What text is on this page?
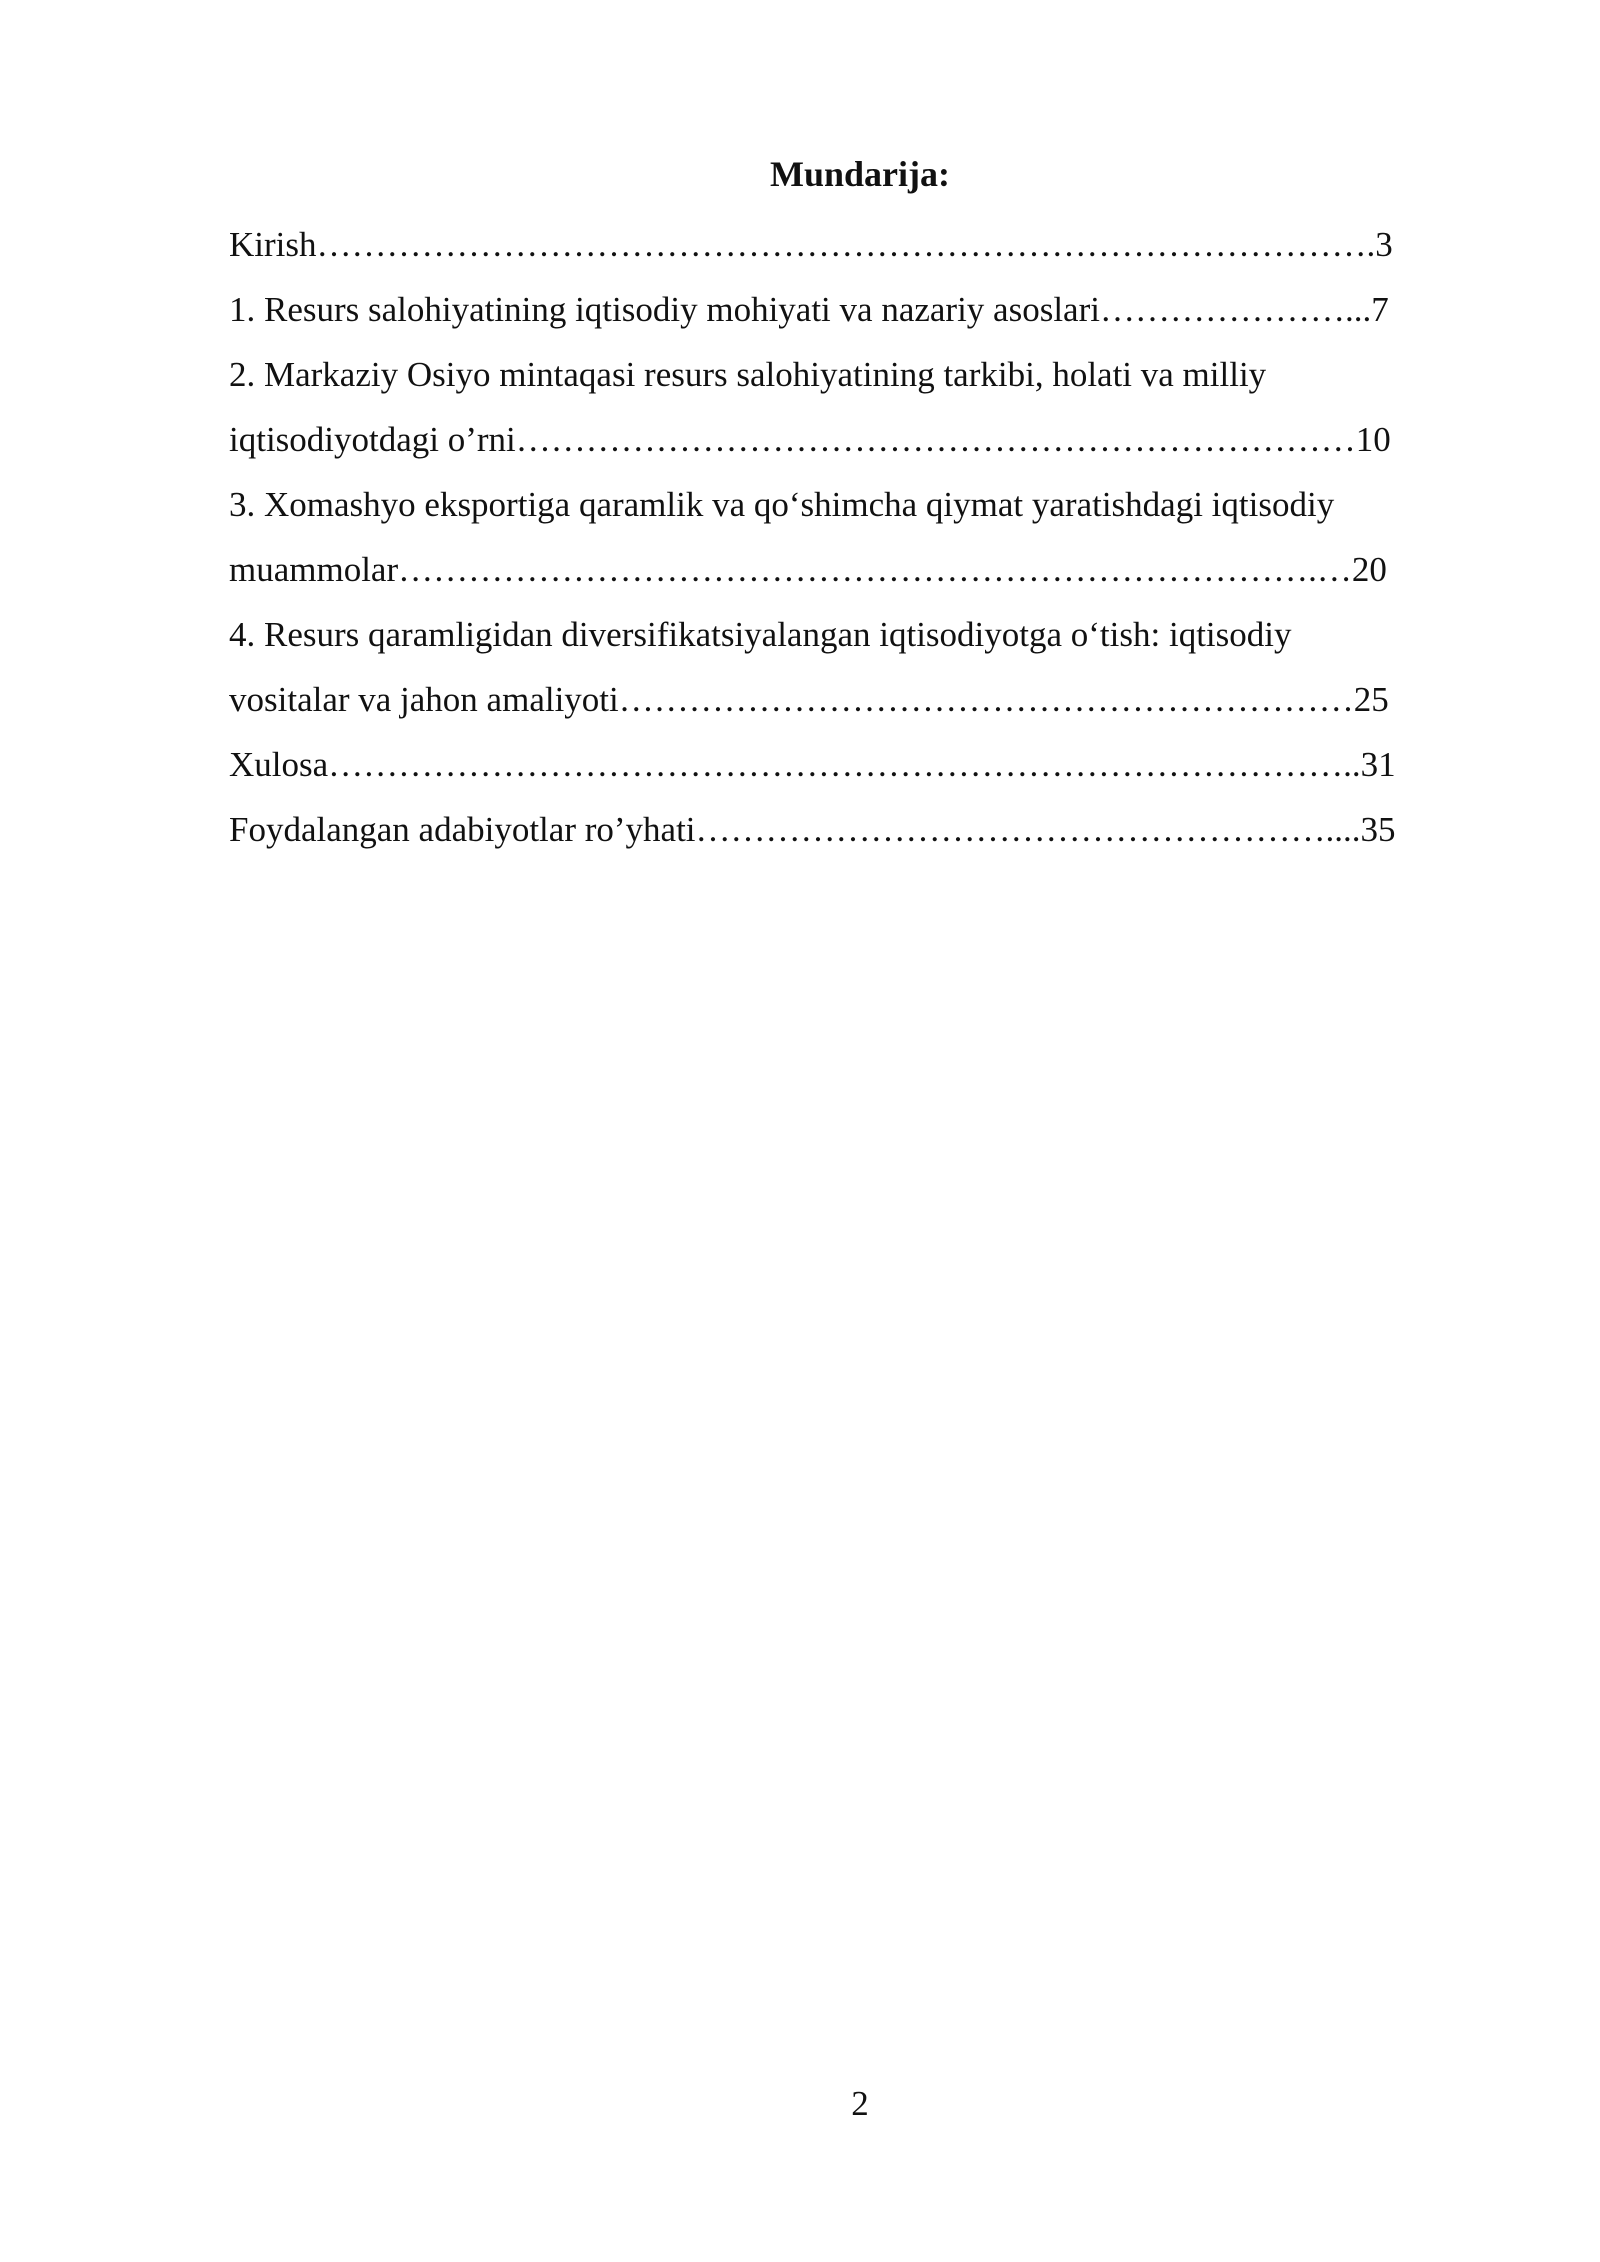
Mundarija:
Kirish……………………………………………………………………………….3
1. Resurs salohiyatining iqtisodiy mohiyati va nazariy asoslari…………………...7
2. Markaziy Osiyo mintaqasi resurs salohiyatining tarkibi, holati va milliy
iqtisodiyotdagi o’rni………………………………………………………………10
3. Xomashyo eksportiga qaramlik va qo‘shimcha qiymat yaratishdagi iqtisodiy
muammolar…………………………………………………………………….…20
4. Resurs qaramligidan diversifikatsiyalangan iqtisodiyotga o‘tish: iqtisodiy
vositalar va jahon amaliyoti………………………………………………………25
Xulosa……………………………………………………………………………..31
Foydalangan adabiyotlar ro’yhati………………………………………………....35
2
